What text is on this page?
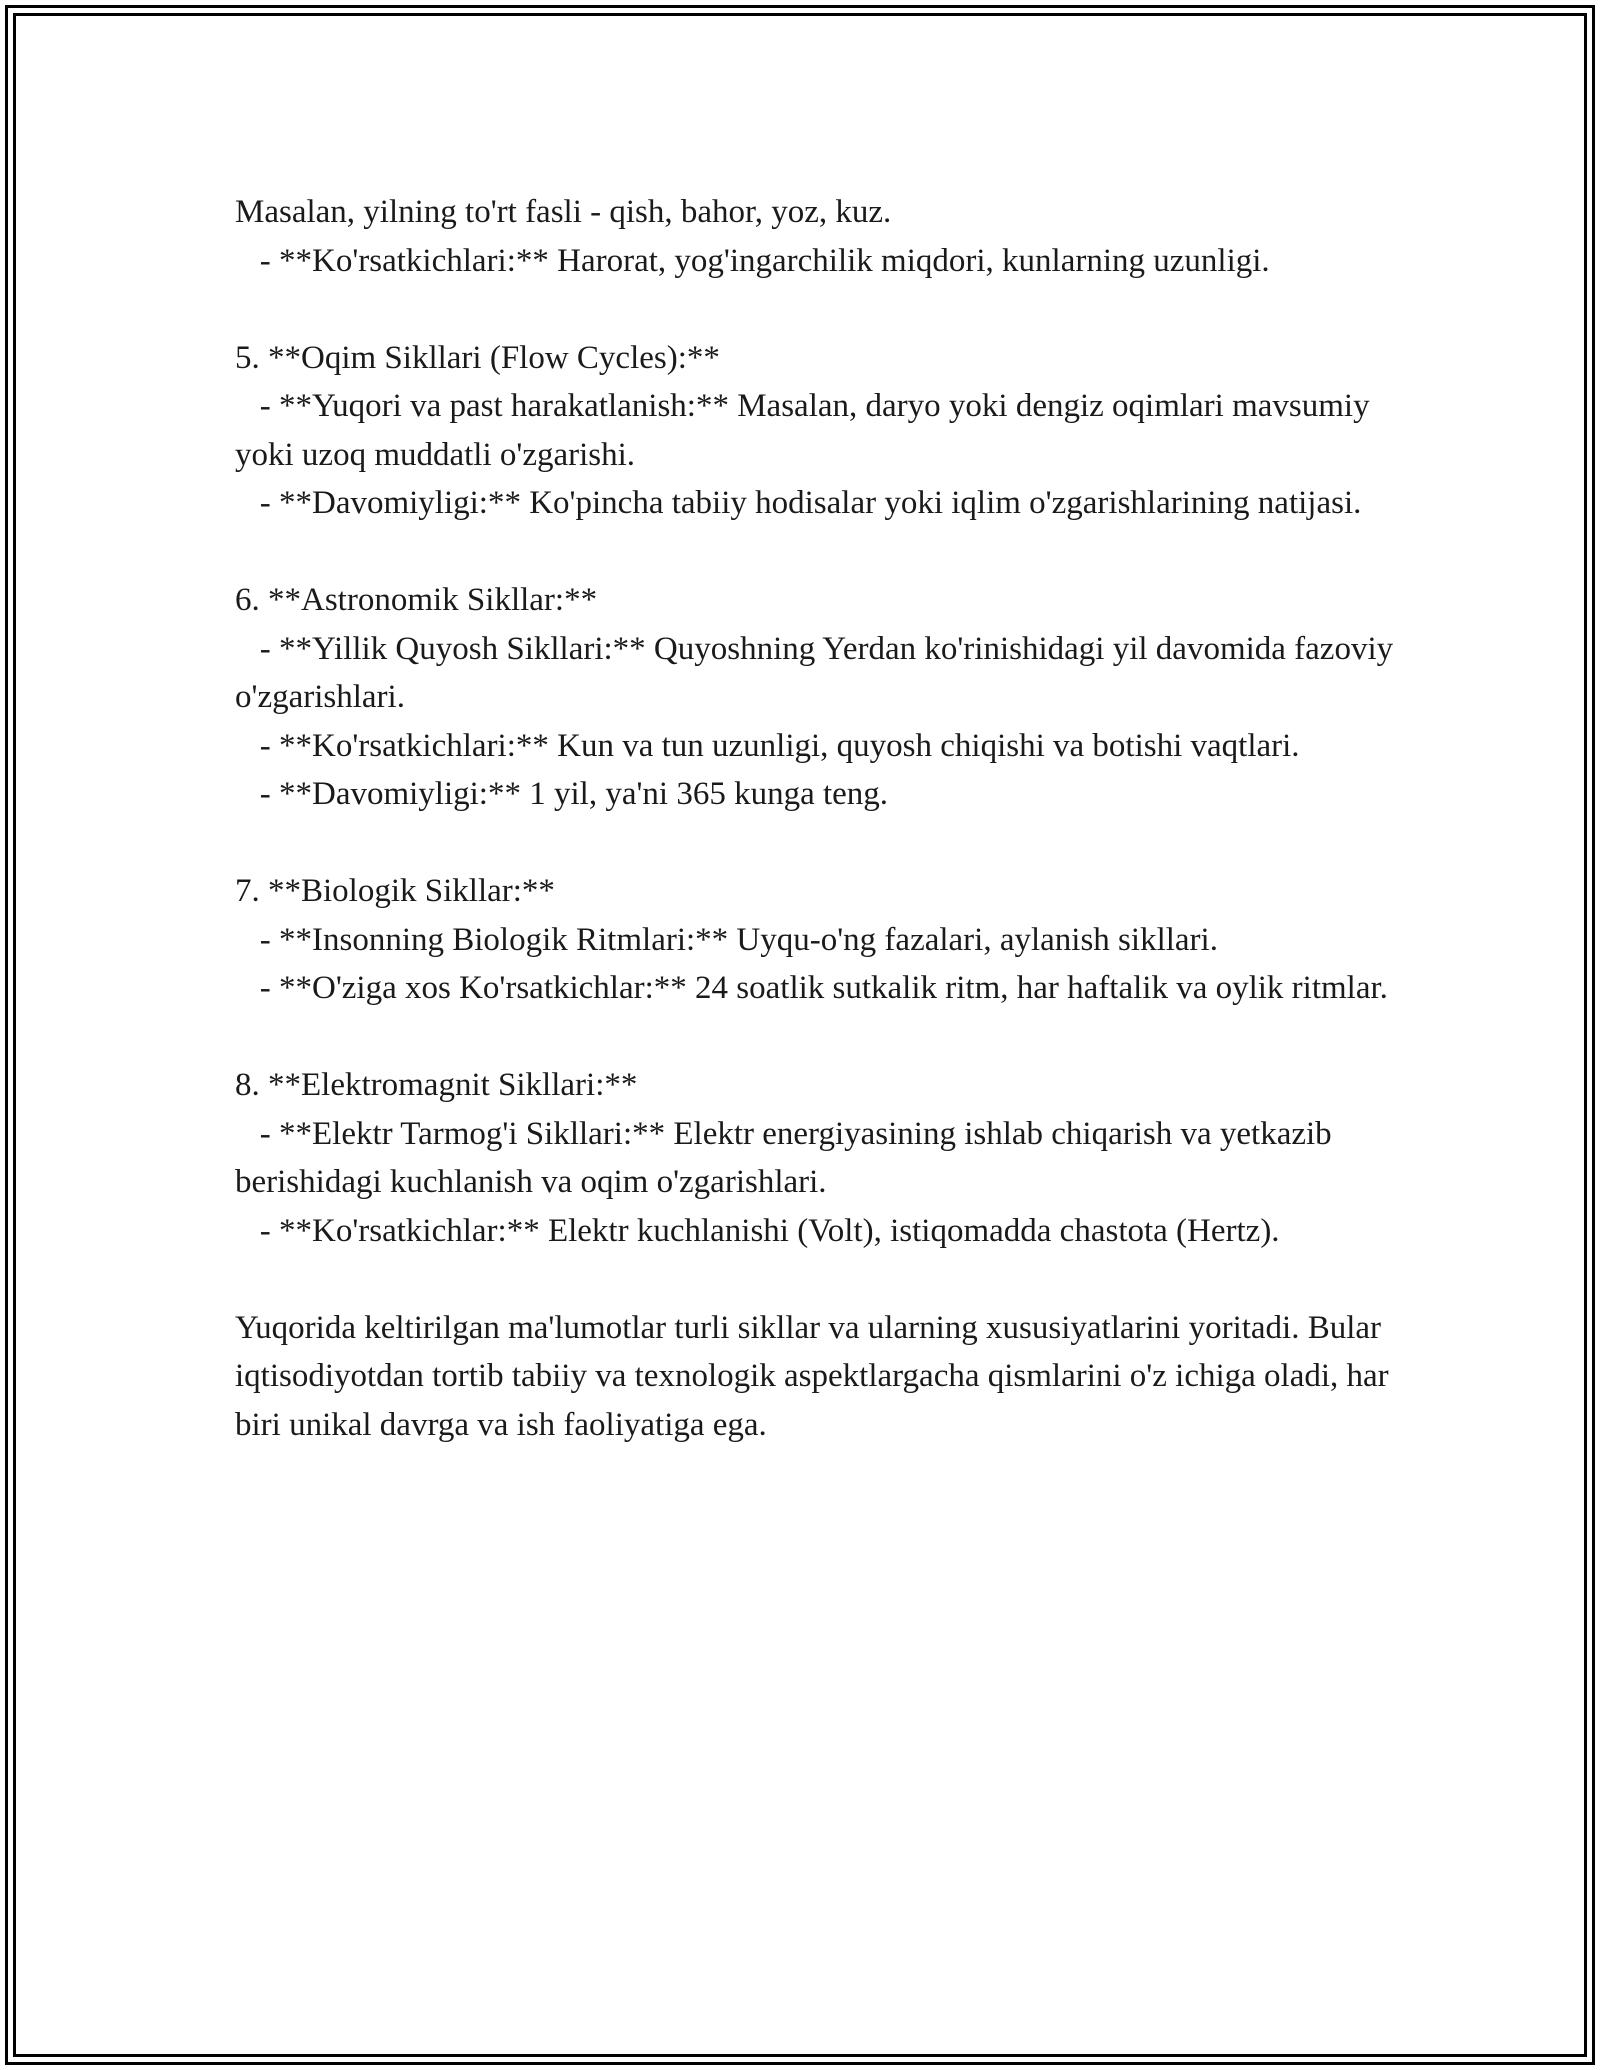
Masalan, yilning to'rt fasli - qish, bahor, yoz, kuz.

- **Ko'rsatkichlari:** Harorat, yog'ingarchilik miqdori, kunlarning uzunligi.

5. **Oqim Sikllari (Flow Cycles):**

- **Yuqori va past harakatlanish:** Masalan, daryo yoki dengiz oqimlari mavsumiy yoki uzoq muddatli o'zgarishi.

- **Davomiyligi:** Ko'pincha tabiiy hodisalar yoki iqlim o'zgarishlarining natijasi.

6. **Astronomik Sikllar:**

- **Yillik Quyosh Sikllari:** Quyoshning Yerdan ko'rinishidagi yil davomida fazoviy o'zgarishlari.

- **Ko'rsatkichlari:** Kun va tun uzunligi, quyosh chiqishi va botishi vaqtlari.

- **Davomiyligi:** 1 yil, ya'ni 365 kunga teng.

7. **Biologik Sikllar:**

- **Insonning Biologik Ritmlari:** Uyqu-o'ng fazalari, aylanish sikllari.

- **O'ziga xos Ko'rsatkichlar:** 24 soatlik sutkalik ritm, har haftalik va oylik ritmlar.

8. **Elektromagnit Sikllari:**

- **Elektr Tarmog'i Sikllari:** Elektr energiyasining ishlab chiqarish va yetkazib berishidagi kuchlanish va oqim o'zgarishlari.

- **Ko'rsatkichlar:** Elektr kuchlanishi (Volt), istiqomadda chastota (Hertz).

Yuqorida keltirilgan ma'lumotlar turli sikllar va ularning xususiyatlarini yoritadi. Bular iqtisodiyotdan tortib tabiiy va texnologik aspektlargacha qismlarini o'z ichiga oladi, har biri unikal davrga va ish faoliyatiga ega.
